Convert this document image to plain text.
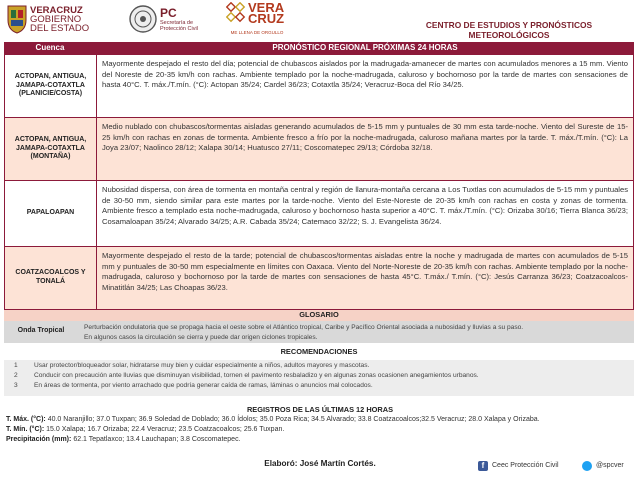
VERACRUZ
GOBIERNO
DEL ESTADO
PC
Secretaría de Protección Civil
VERA
CRUZ
ME LLENA DE ORGULLO
CENTRO DE ESTUDIOS Y PRONÓSTICOS METEOROLÓGICOS
Cuenca	PRONÓSTICO REGIONAL PRÓXIMAS 24 HORAS
ACTOPAN, ANTIGUA, JAMAPA-COTAXTLA (PLANICIE/COSTA)
Mayormente despejado el resto del día; potencial de chubascos aislados por la madrugada-amanecer de martes con acumulados menores a 15 mm. Viento del Noreste de 20-35 km/h con rachas. Ambiente templado por la noche-madrugada, caluroso y bochornoso por la tarde de martes con sensaciones de hasta 40°C. T. máx./T.mín. (°C): Actopan 35/24; Cardel 36/23; Cotaxtla 35/24; Veracruz-Boca del Río 34/25.
ACTOPAN, ANTIGUA, JAMAPA-COTAXTLA (MONTAÑA)
Medio nublado con chubascos/tormentas aisladas generando acumulados de 5-15 mm y puntuales de 30 mm esta tarde-noche. Viento del Sureste de 15-25 km/h con rachas en zonas de tormenta. Ambiente fresco a frío por la noche-madrugada, caluroso mañana martes por la tarde. T. máx./T.mín. (°C): La Joya 23/07; Naolinco 28/12; Xalapa 30/14; Huatusco 27/11; Coscomatepec 29/13; Córdoba 32/18.
PAPALOAPAN
Nubosidad dispersa, con área de tormenta en montaña central y región de llanura-montaña cercana a Los Tuxtlas con acumulados de 5-15 mm y puntuales de 30-50 mm, siendo similar para este martes por la tarde-noche. Viento del Este-Noreste de 20-35 km/h con rachas en costa y zonas de tormenta. Ambiente fresco a templado esta noche-madrugada, caluroso y bochornoso hasta superior a 40°C. T. máx./T.mín. (°C): Orizaba 30/16; Tierra Blanca 36/23; Cosamaloapan 35/24; Alvarado 34/25; A.R. Cabada 35/24; Catemaco 32/22; S. J. Evangelista 36/24.
COATZACOALCOS Y TONALÁ
Mayormente despejado el resto de la tarde; potencial de chubascos/tormentas aisladas entre la noche y madrugada de martes con acumulados de 5-15 mm y puntuales de 30-50 mm especialmente en límites con Oaxaca. Viento del Norte-Noreste de 20-35 km/h con rachas. Ambiente templado por la noche-madrugada, caluroso y bochornoso por la tarde de martes con sensaciones de hasta 45°C. T.máx./ T.mín. (°C): Jesús Carranza 36/23; Coatzacoalcos-Minatitlán 34/25; Las Choapas 36/23.
GLOSARIO
Onda Tropical	Perturbación ondulatoria que se propaga hacia el oeste sobre el Atlántico tropical, Caribe y Pacífico Oriental asociada a nubosidad y lluvias a su paso.
En algunos casos la circulación se cierra y puede dar origen ciclones tropicales.
RECOMENDACIONES
1 Usar protector/bloqueador solar, hidratarse muy bien y cuidar especialmente a niños, adultos mayores y mascotas.
2 Conducir con precaución ante lluvias que disminuyan visibilidad, tornen el pavimento resbaladizo y en algunas zonas ocasionen anegamientos urbanos.
3 En áreas de tormenta, por viento arrachado que podría generar caída de ramas, láminas o anuncios mal colocados.
REGISTROS DE LAS ÚLTIMAS 12 HORAS
T. Máx. (°C): 40.0 Naranjillo; 37.0 Tuxpan; 36.9 Soledad de Doblado; 36.0 Ídolos; 35.0 Poza Rica; 34.5 Alvarado; 33.8 Coatzacoalcos;32.5 Veracruz; 28.0 Xalapa y Orizaba.
T. Mín. (°C): 15.0 Xalapa; 16.7 Orizaba; 22.4 Veracruz; 23.5 Coatzacoalcos; 25.6 Tuxpan.
Precipitación (mm): 62.1 Tepatlaxco; 13.4 Lauchapan; 3.8 Coscomatepec.
Elaboró: José Martín Cortés.	f	Ceec Protección Civil	@spcver
